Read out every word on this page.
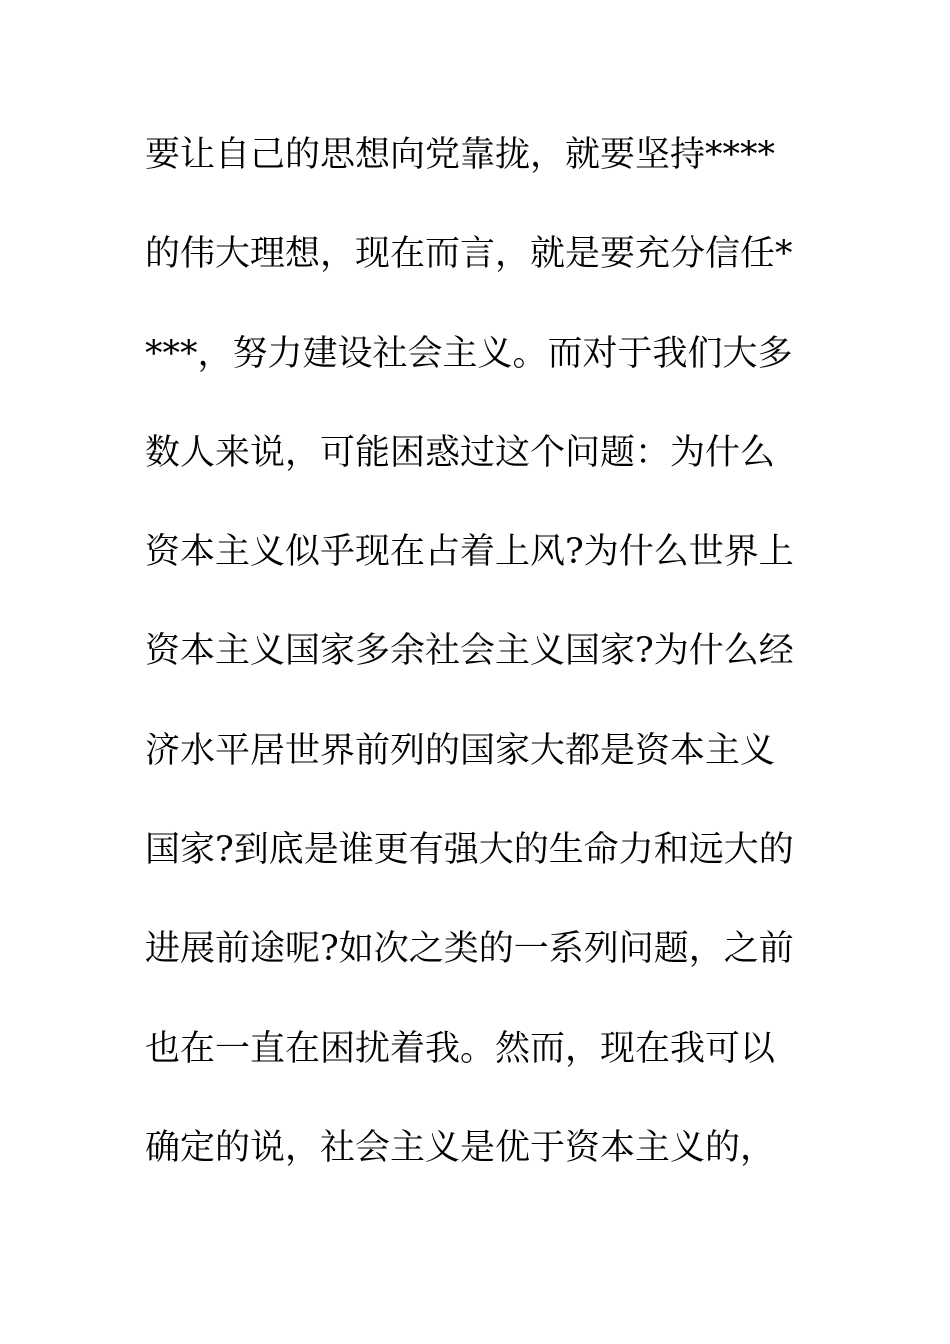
要让自己的思想向党靠拢，就要坚持****
的伟大理想，现在而言，就是要充分信任*
***，努力建设社会主义。而对于我们大多
数人来说，可能困惑过这个问题：为什么
资本主义似乎现在占着上风?为什么世界上
资本主义国家多余社会主义国家?为什么经
济水平居世界前列的国家大都是资本主义
国家?到底是谁更有强大的生命力和远大的
进展前途呢?如次之类的一系列问题，之前
也在一直在困扰着我。然而，现在我可以
确定的说，社会主义是优于资本主义的，
